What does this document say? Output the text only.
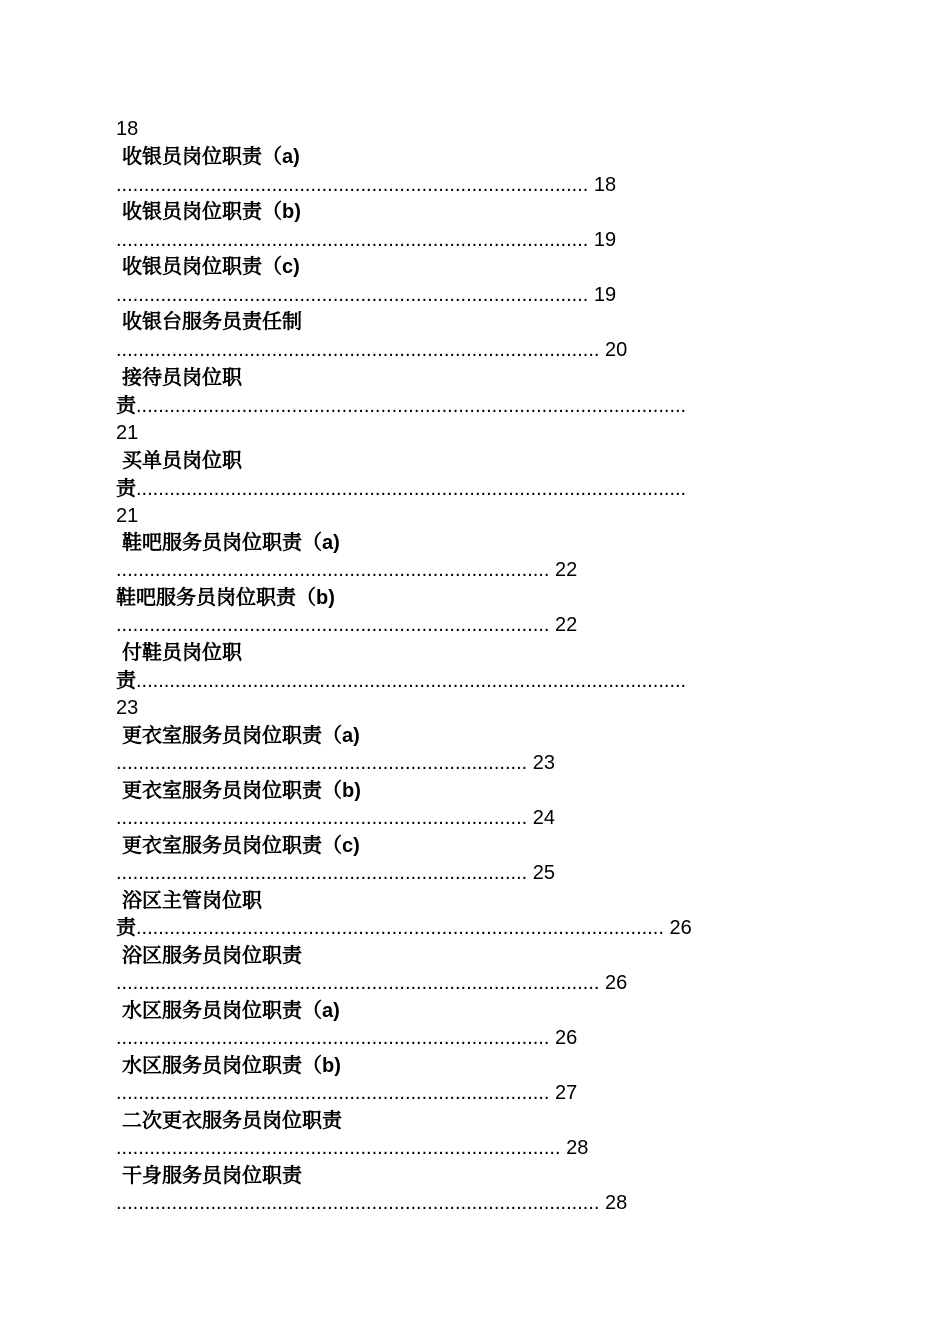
18
收银员岗位职责（a)
..................................................................................... 18
收银员岗位职责（b)
..................................................................................... 19
收银员岗位职责（c)
..................................................................................... 19
收银台服务员责任制
....................................................................................... 20
接待员岗位职
责...................................................................................................
21
买单员岗位职
责...................................................................................................
21
鞋吧服务员岗位职责（a)
.............................................................................. 22
鞋吧服务员岗位职责（b)
.............................................................................. 22
付鞋员岗位职
责...................................................................................................
23
更衣室服务员岗位职责（a)
.......................................................................... 23
更衣室服务员岗位职责（b)
.......................................................................... 24
更衣室服务员岗位职责（c)
.......................................................................... 25
浴区主管岗位职
责............................................................................................... 26
浴区服务员岗位职责
....................................................................................... 26
水区服务员岗位职责（a)
.............................................................................. 26
水区服务员岗位职责（b)
.............................................................................. 27
二次更衣服务员岗位职责
................................................................................ 28
干身服务员岗位职责
....................................................................................... 28
